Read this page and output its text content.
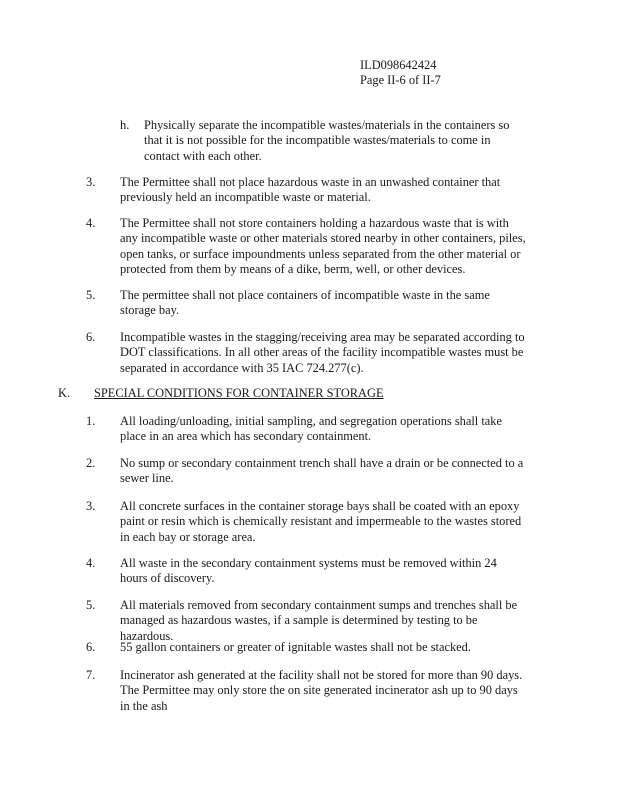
ILD098642424
Page II-6 of II-7
h.	Physically separate the incompatible wastes/materials in the containers so that it is not possible for the incompatible wastes/materials to come in contact with each other.
3.	The Permittee shall not place hazardous waste in an unwashed container that previously held an incompatible waste or material.
4.	The Permittee shall not store containers holding a hazardous waste that is with any incompatible waste or other materials stored nearby in other containers, piles, open tanks, or surface impoundments unless separated from the other material or protected from them by means of a dike, berm, well, or other devices.
5.	The permittee shall not place containers of incompatible waste in the same storage bay.
6.	Incompatible wastes in the stagging/receiving area may be separated according to DOT classifications. In all other areas of the facility incompatible wastes must be separated in accordance with 35 IAC 724.277(c).
K. SPECIAL CONDITIONS FOR CONTAINER STORAGE
1.	All loading/unloading, initial sampling, and segregation operations shall take place in an area which has secondary containment.
2.	No sump or secondary containment trench shall have a drain or be connected to a sewer line.
3.	All concrete surfaces in the container storage bays shall be coated with an epoxy paint or resin which is chemically resistant and impermeable to the wastes stored in each bay or storage area.
4.	All waste in the secondary containment systems must be removed within 24 hours of discovery.
5.	All materials removed from secondary containment sumps and trenches shall be managed as hazardous wastes, if a sample is determined by testing to be hazardous.
6.	55 gallon containers or greater of ignitable wastes shall not be stacked.
7.	Incinerator ash generated at the facility shall not be stored for more than 90 days. The Permittee may only store the on site generated incinerator ash up to 90 days in the ash
